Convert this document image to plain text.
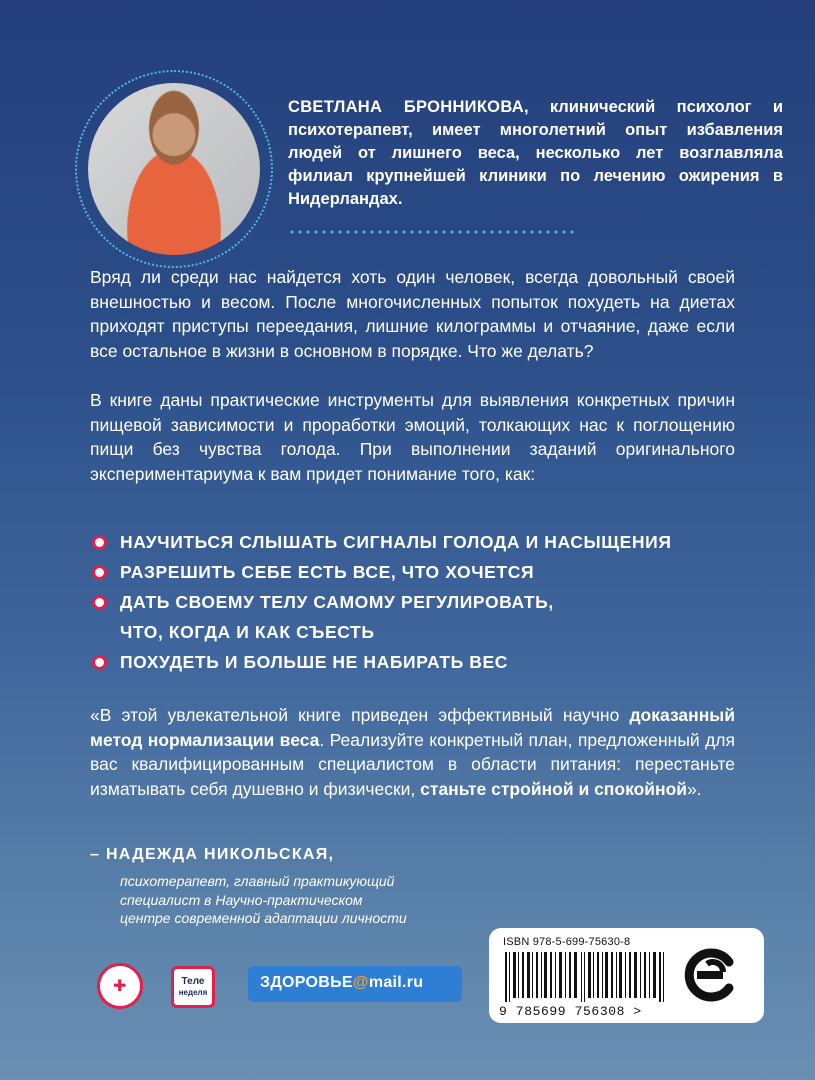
СВЕТЛАНА БРОННИКОВА, клинический психолог и психотерапевт, имеет многолетний опыт избавления людей от лишнего веса, несколько лет возглавляла филиал крупнейшей клиники по лечению ожирения в Нидерландах.

Вряд ли среди нас найдется хоть один человек, всегда довольный своей внешностью и весом. После многочисленных попыток похудеть на диетах приходят приступы переедания, лишние килограммы и отчаяние, даже если все остальное в жизни в основном в порядке. Что же делать?

В книге даны практические инструменты для выявления конкретных причин пищевой зависимости и проработки эмоций, толкающих нас к поглощению пищи без чувства голода. При выполнении заданий оригинального экспериментариума к вам придет понимание того, как:

НАУЧИТЬСЯ СЛЫШАТЬ СИГНАЛЫ ГОЛОДА И НАСЫЩЕНИЯ
РАЗРЕШИТЬ СЕБЕ ЕСТЬ ВСЕ, ЧТО ХОЧЕТСЯ
ДАТЬ СВОЕМУ ТЕЛУ САМОМУ РЕГУЛИРОВАТЬ,
ЧТО, КОГДА И КАК СЪЕСТЬ
ПОХУДЕТЬ И БОЛЬШЕ НЕ НАБИРАТЬ ВЕС

«В этой увлекательной книге приведен эффективный научно доказанный метод нормализации веса. Реализуйте конкретный план, предложенный для вас квалифицированным специалистом в области питания: перестаньте изматывать себя душевно и физически, станьте стройной и спокойной».

– НАДЕЖДА НИКОЛЬСКАЯ,
психотерапевт, главный практикующий
специалист в Научно-практическом
центре современной адаптации личности
✚	Теле
неделя
ЗДОРОВЬЕ@mail.ru
ISBN 978-5-699-75630-8
9 785699 756308 >
